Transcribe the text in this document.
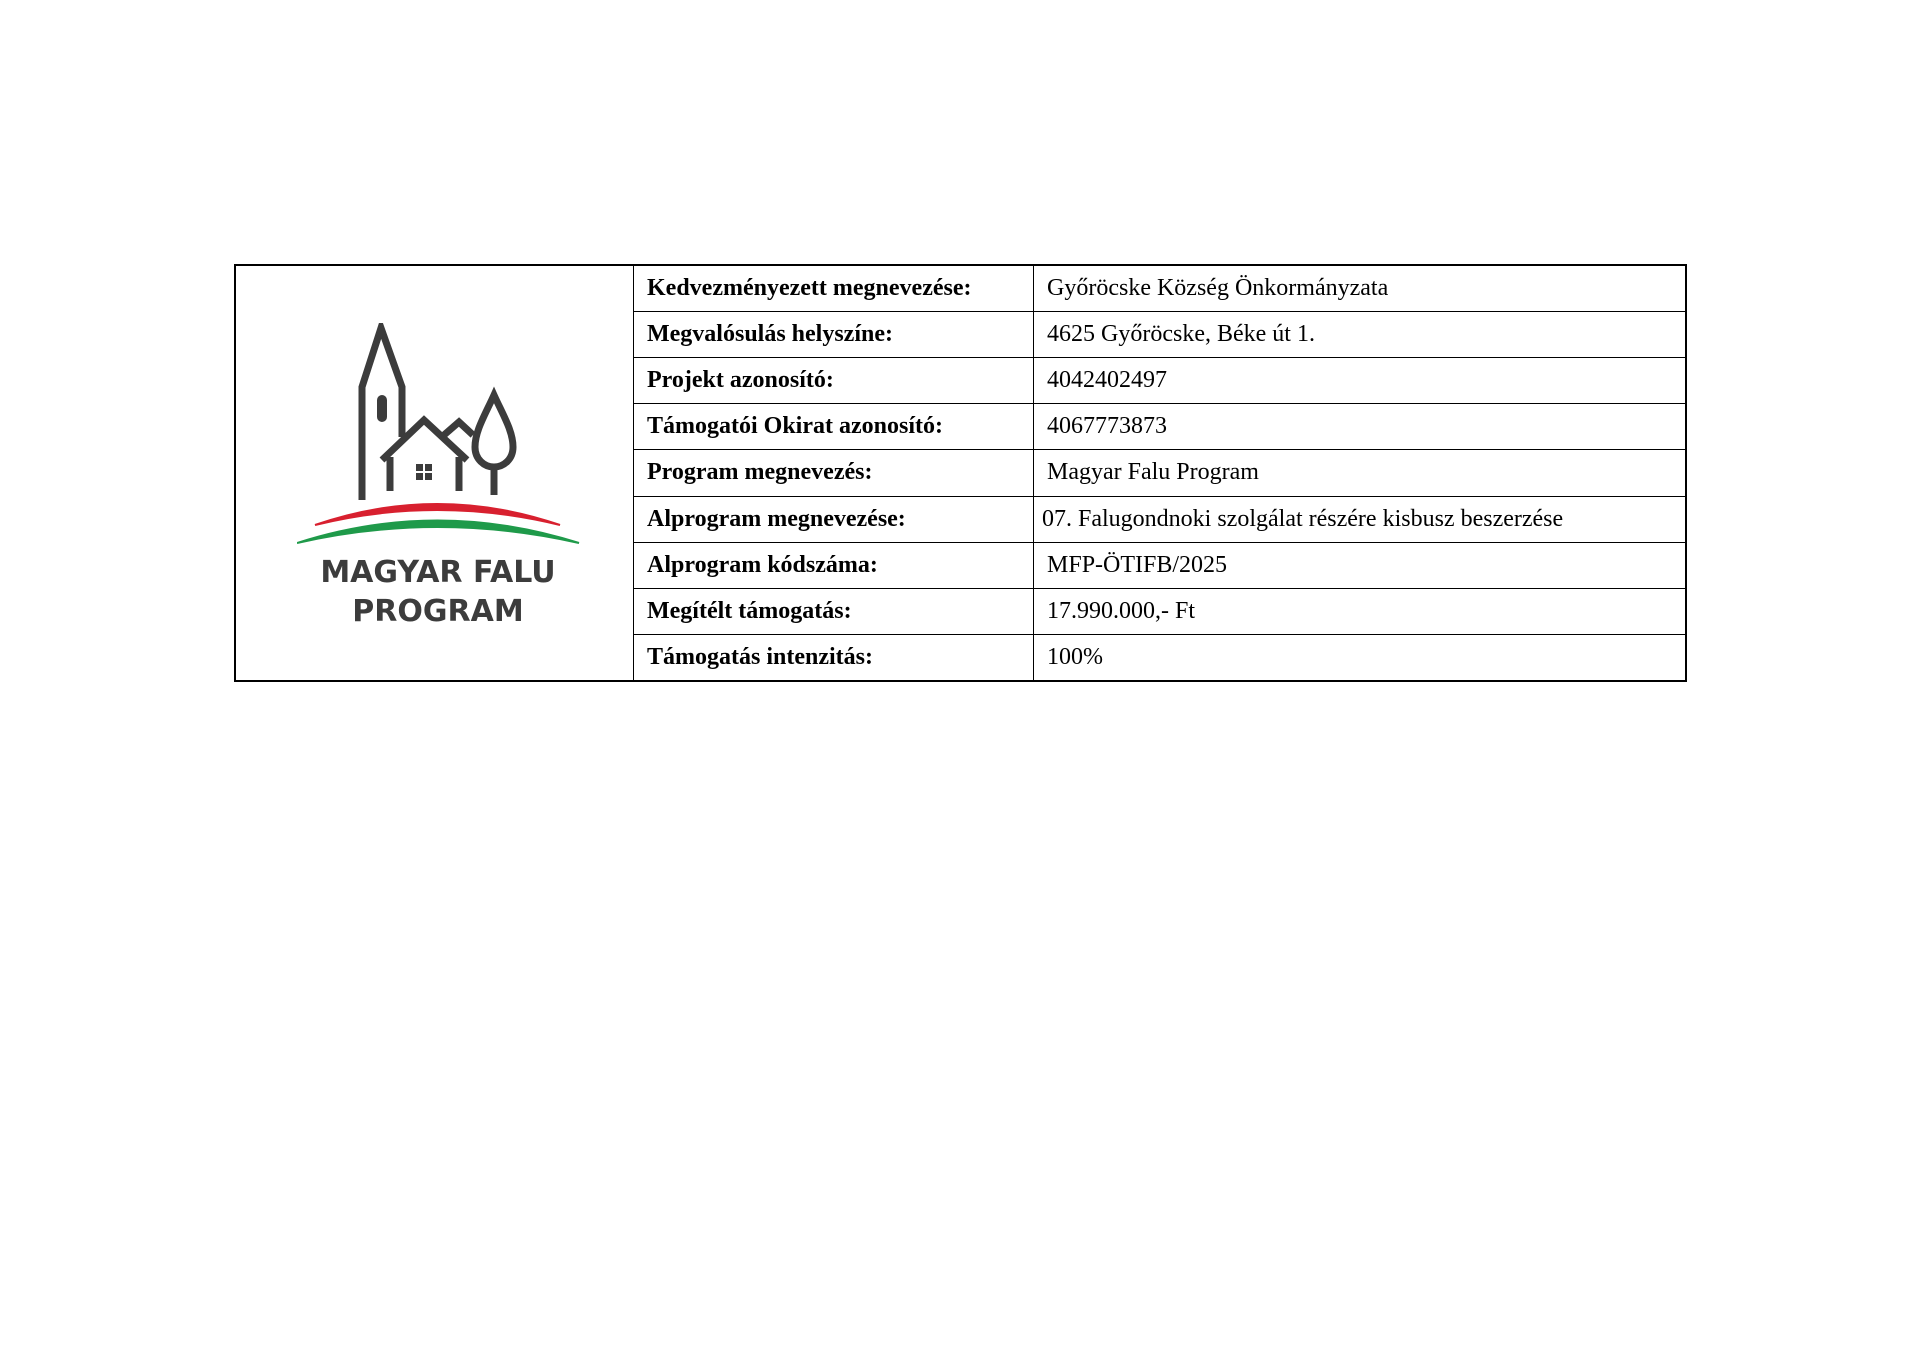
MAGYAR FALU
PROGRAM
Kedvezményezett megnevezése:	Győröcske Község Önkormányzata
Megvalósulás helyszíne:	4625 Győröcske, Béke út 1.
Projekt azonosító:	4042402497
Támogatói Okirat azonosító:	4067773873
Program megnevezés:	Magyar Falu Program
Alprogram megnevezése:	07. Falugondnoki szolgálat részére kisbusz beszerzése
Alprogram kódszáma:	MFP-ÖTIFB/2025
Megítélt támogatás:	17.990.000,- Ft
Támogatás intenzitás:	100%
